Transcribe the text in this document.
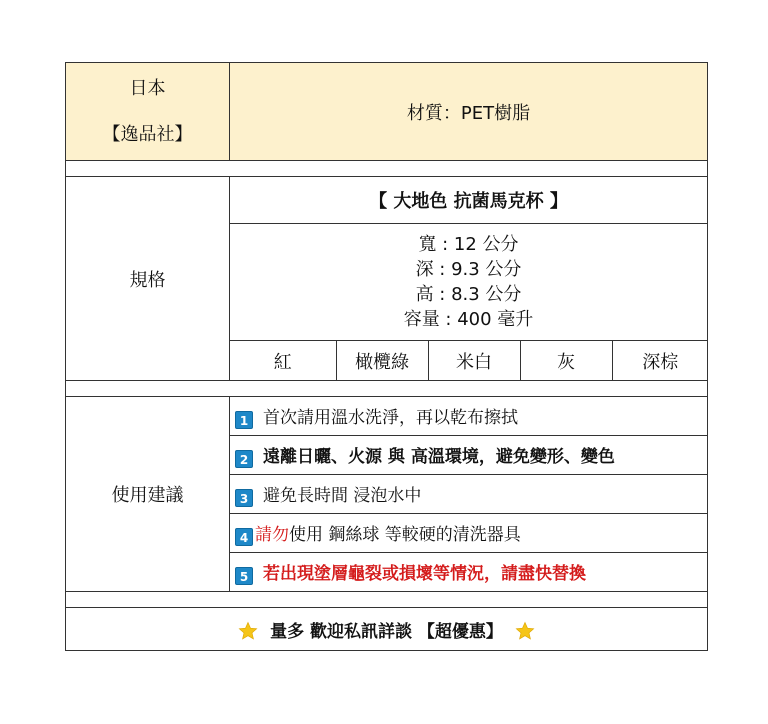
日本
【逸品社】
	材質：PET樹脂

規格	【 大地色 抗菌馬克杯 】

寬 : 12 公分
深 : 9.3 公分
高 : 8.3 公分
容量 : 400 毫升

紅	橄欖綠	米白	灰	深棕

使用建議	1 首次請用溫水洗淨，再以乾布擦拭
2 遠離日曬、火源 與 高溫環境，避免變形、變色
3 避免長時間 浸泡水中
4 請勿使用 鋼絲球 等較硬的清洗器具
5 若出現塗層龜裂或損壞等情況，請盡快替換

量多 歡迎私訊詳談 【超優惠】
